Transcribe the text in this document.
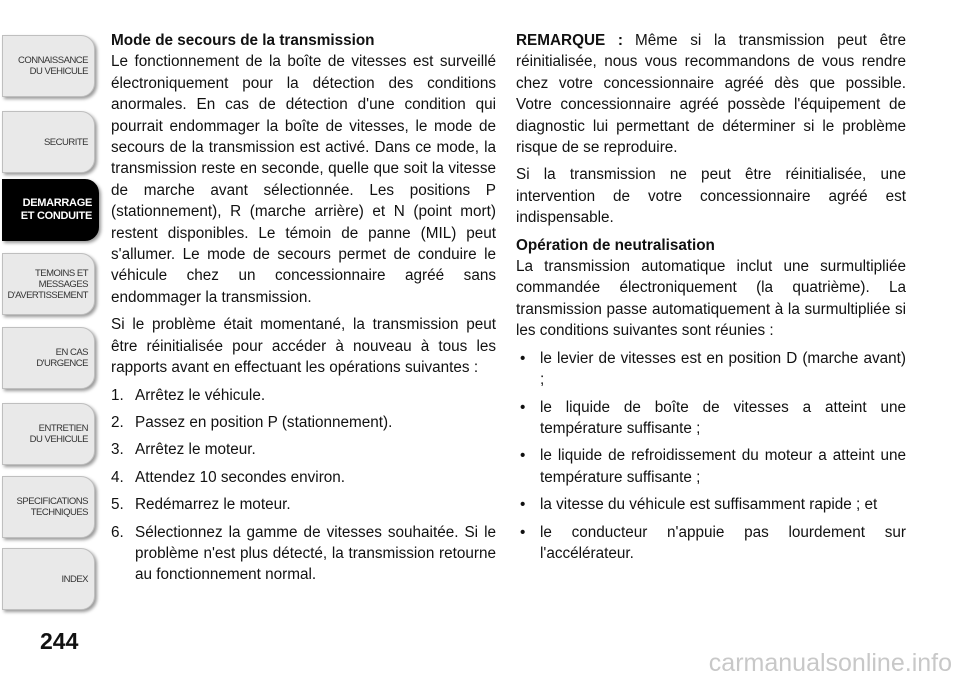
CONNAISSANCE
DU VEHICULE
SECURITE
DEMARRAGE
ET CONDUITE
TEMOINS ET
MESSAGES
D'AVERTISSEMENT
EN CAS
D'URGENCE
ENTRETIEN
DU VEHICULE
SPECIFICATIONS
TECHNIQUES
INDEX
244
Mode de secours de la transmission

Le fonctionnement de la boîte de vitesses est surveillé électroniquement pour la détection des conditions anormales. En cas de détection d'une condition qui pourrait endommager la boîte de vitesses, le mode de secours de la transmission est activé. Dans ce mode, la transmission reste en seconde, quelle que soit la vitesse de marche avant sélectionnée. Les positions P (stationnement), R (marche arrière) et N (point mort) restent disponibles. Le témoin de panne (MIL) peut s'allumer. Le mode de secours permet de conduire le véhicule chez un concessionnaire agréé sans endommager la transmission.

Si le problème était momentané, la transmission peut être réinitialisée pour accéder à nouveau à tous les rapports avant en effectuant les opérations suivantes :

1. Arrêtez le véhicule.
2. Passez en position P (stationnement).
3. Arrêtez le moteur.
4. Attendez 10 secondes environ.
5. Redémarrez le moteur.
6. Sélectionnez la gamme de vitesses souhaitée. Si le problème n'est plus détecté, la transmission retourne au fonctionnement normal.

REMARQUE : Même si la transmission peut être réinitialisée, nous vous recommandons de vous rendre chez votre concessionnaire agréé dès que possible. Votre concessionnaire agréé possède l'équipement de diagnostic lui permettant de déterminer si le problème risque de se reproduire.

Si la transmission ne peut être réinitialisée, une intervention de votre concessionnaire agréé est indispensable.

Opération de neutralisation

La transmission automatique inclut une surmultipliée commandée électroniquement (la quatrième). La transmission passe automatiquement à la surmultipliée si les conditions suivantes sont réunies :

• le levier de vitesses est en position D (marche avant) ;
• le liquide de boîte de vitesses a atteint une température suffisante ;
• le liquide de refroidissement du moteur a atteint une température suffisante ;
• la vitesse du véhicule est suffisamment rapide ; et
• le conducteur n'appuie pas lourdement sur l'accélérateur.
carmanualsonline.info
